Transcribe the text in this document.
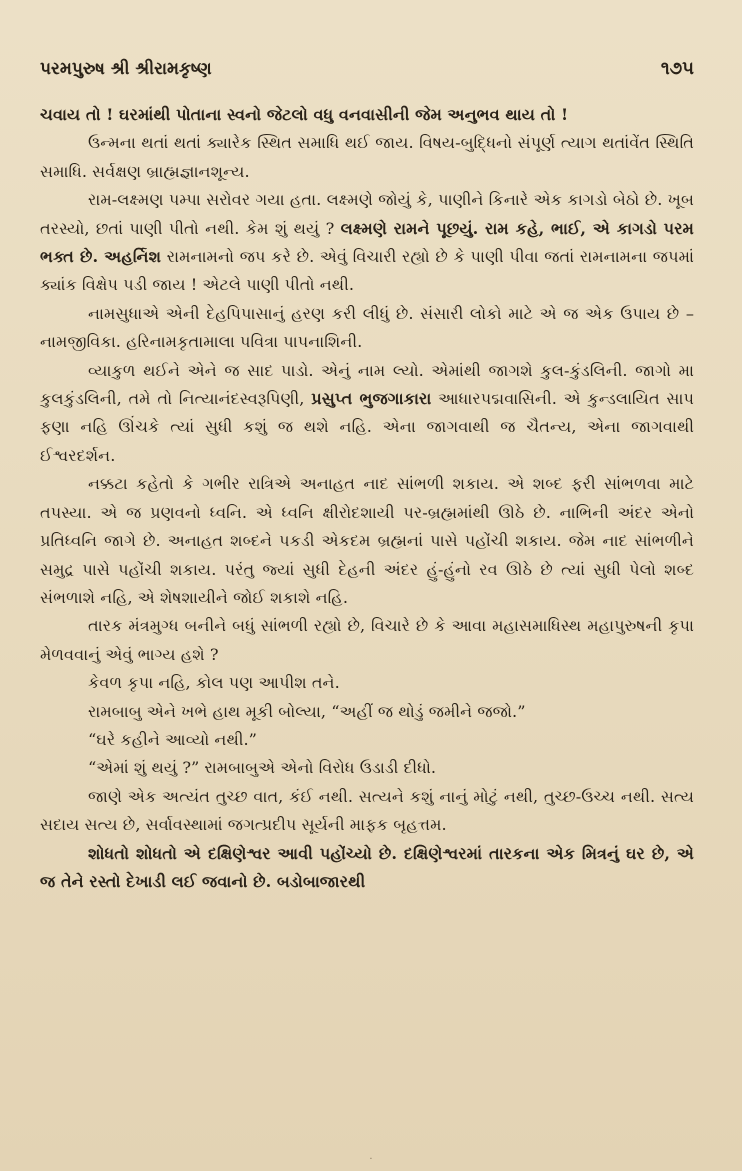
પરમપુરુષ શ્રી શ્રીરામકૃષ્ણ	૧૭૫

ચવાય તો ! ઘરમાંથી પોતાના સ્વનો જેટલો વધુ વનવાસીની જેમ અનુભવ થાય તો !

ઉન્મના થતાં થતાં ક્યારેક સ્થિત સમાધિ થઈ જાય. વિષય-બુદ્ધિનો સંપૂર્ણ ત્યાગ થતાંવેંત સ્થિતિ સમાધિ. સર્વક્ષણ બ્રાહ્મજ્ઞાનશૂન્ય.

રામ-લક્ષ્મણ પમ્પા સરોવર ગયા હતા. લક્ષ્મણે જોયું કે, પાણીને કિનારે એક કાગડો બેઠો છે. ખૂબ તરસ્યો, છતાં પાણી પીતો નથી. કેમ શું થયું ? લક્ષ્મણે રામને પૂછયું. રામ કહે, ભાઈ, એ કાગડો પરમ ભક્ત છે. અહર્નિશ રામનામનો જપ કરે છે. એવું વિચારી રહ્યો છે કે પાણી પીવા જતાં રામનામના જપમાં ક્યાંક વિક્ષેપ પડી જાય ! એટલે પાણી પીતો નથી.

નામસુધાએ એની દેહપિપાસાનું હરણ કરી લીધું છે. સંસારી લોકો માટે એ જ એક ઉપાય છે – નામજીવિકા. હરિનામકૃતામાલા પવિત્રા પાપનાશિની.

વ્યાકુળ થઈને એને જ સાદ પાડો. એનું નામ લ્યો. એમાંથી જાગશે કુલ-કુંડલિની. જાગો મા કુલકુંડલિની, તમે તો નિત્યાનંદસ્વરૂપિણી, પ્રસુપ્ત ભુજગાકારા આધારપદ્મવાસિની. એ કુન્ડલાયિત સાપ ફણા નહિ ઊંચકે ત્યાં સુધી કશું જ થશે નહિ. એના જાગવાથી જ ચૈતન્ય, એના જાગવાથી ઈશ્વરદર્શન.

નક્કટા કહેતો કે ગભીર રાત્રિએ અનાહત નાદ સાંભળી શકાય. એ શબ્દ ફરી સાંભળવા માટે તપસ્યા. એ જ પ્રણવનો ધ્વનિ. એ ધ્વનિ ક્ષીરોદશાયી પર-બ્રહ્મમાંથી ઊઠે છે. નાભિની અંદર એનો પ્રતિધ્વનિ જાગે છે. અનાહત શબ્દને પકડી એકદમ બ્રહ્મનાં પાસે પહોંચી શકાય. જેમ નાદ સાંભળીને સમુદ્ર પાસે પહોંચી શકાય. પરંતુ જ્યાં સુધી દેહની અંદર હું-હુંનો રવ ઊઠે છે ત્યાં સુધી પેલો શબ્દ સંભળાશે નહિ, એ શેષશાયીને જોઈ શકાશે નહિ.

તારક મંત્રમુગ્ધ બનીને બધું સાંભળી રહ્યો છે, વિચારે છે કે આવા મહાસમાધિસ્થ મહાપુરુષની કૃપા મેળવવાનું એવું ભાગ્ય હશે ?

કેવળ કૃપા નહિ, કોલ પણ આપીશ તને.

રામબાબુ એને ખભે હાથ મૂકી બોલ્યા, “અહીં જ થોડું જમીને જજો.”

“ઘરે કહીને આવ્યો નથી.”

“એમાં શું થયું ?” રામબાબુએ એનો વિરોધ ઉડાડી દીધો.

જાણે એક અત્યંત તુચ્છ વાત, કંઈ નથી. સત્યને કશું નાનું મોટું નથી, તુચ્છ-ઉચ્ચ નથી. સત્ય સદાય સત્ય છે, સર્વાવસ્થામાં જગત્પ્રદીપ સૂર્યની માફક બૃહત્તમ.

શોધતો શોધતો એ દક્ષિણેશ્વર આવી પહોંચ્યો છે. દક્ષિણેશ્વરમાં તારકના એક મિત્રનું ઘર છે, એ જ તેને રસ્તો દેખાડી લઈ જવાનો છે. બડોબાજારથી

·
